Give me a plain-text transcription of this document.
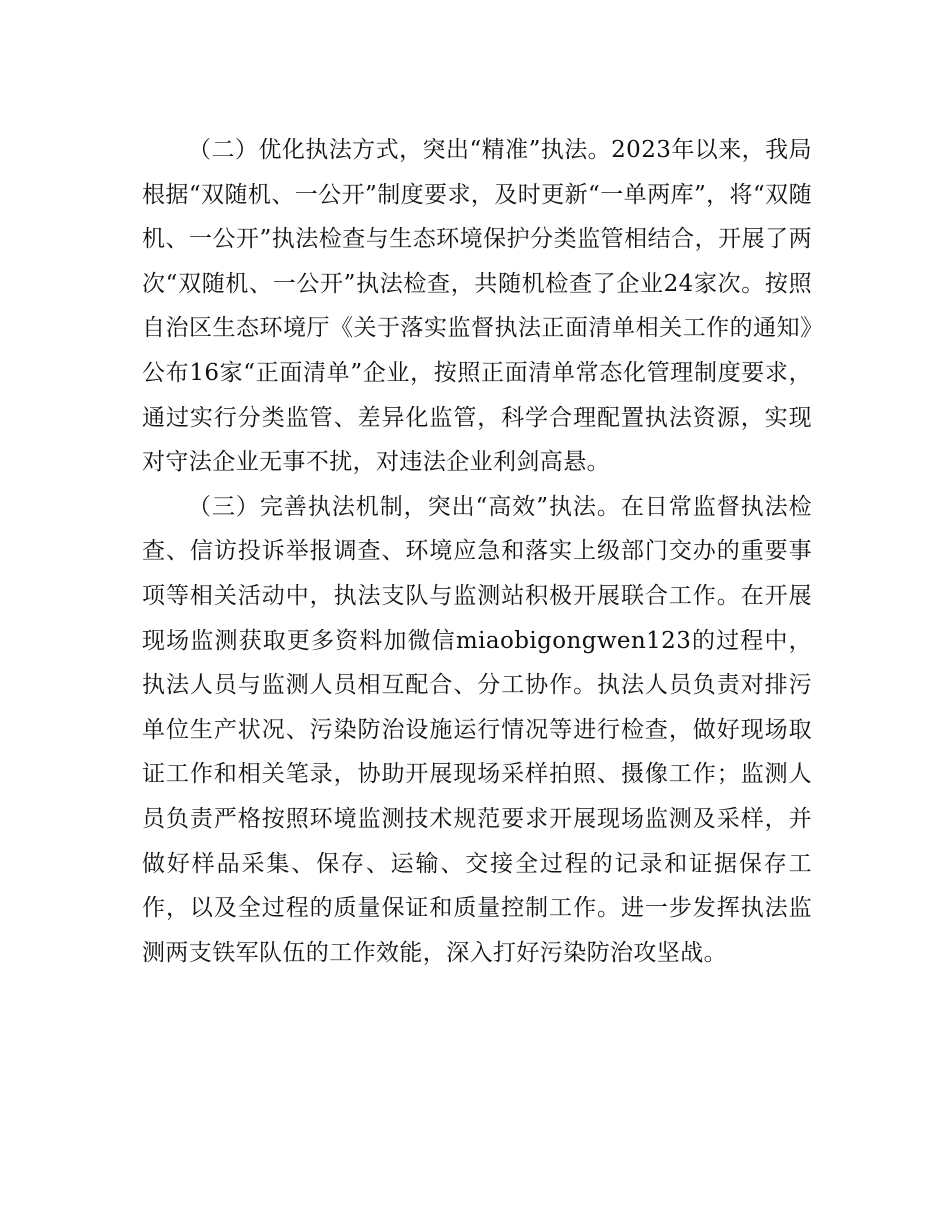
（二）优化执法方式，突出“精准”执法。2023年以来，我局根据“双随机、一公开”制度要求，及时更新“一单两库”，将“双随机、一公开”执法检查与生态环境保护分类监管相结合，开展了两次“双随机、一公开”执法检查，共随机检查了企业24家次。按照自治区生态环境厅《关于落实监督执法正面清单相关工作的通知》公布16家“正面清单”企业，按照正面清单常态化管理制度要求，通过实行分类监管、差异化监管，科学合理配置执法资源，实现对守法企业无事不扰，对违法企业利剑高悬。

（三）完善执法机制，突出“高效”执法。在日常监督执法检查、信访投诉举报调查、环境应急和落实上级部门交办的重要事项等相关活动中，执法支队与监测站积极开展联合工作。在开展现场监测获取更多资料加微信miaobigongwen123的过程中，执法人员与监测人员相互配合、分工协作。执法人员负责对排污单位生产状况、污染防治设施运行情况等进行检查，做好现场取证工作和相关笔录，协助开展现场采样拍照、摄像工作；监测人员负责严格按照环境监测技术规范要求开展现场监测及采样，并做好样品采集、保存、运输、交接全过程的记录和证据保存工作，以及全过程的质量保证和质量控制工作。进一步发挥执法监测两支铁军队伍的工作效能，深入打好污染防治攻坚战。
